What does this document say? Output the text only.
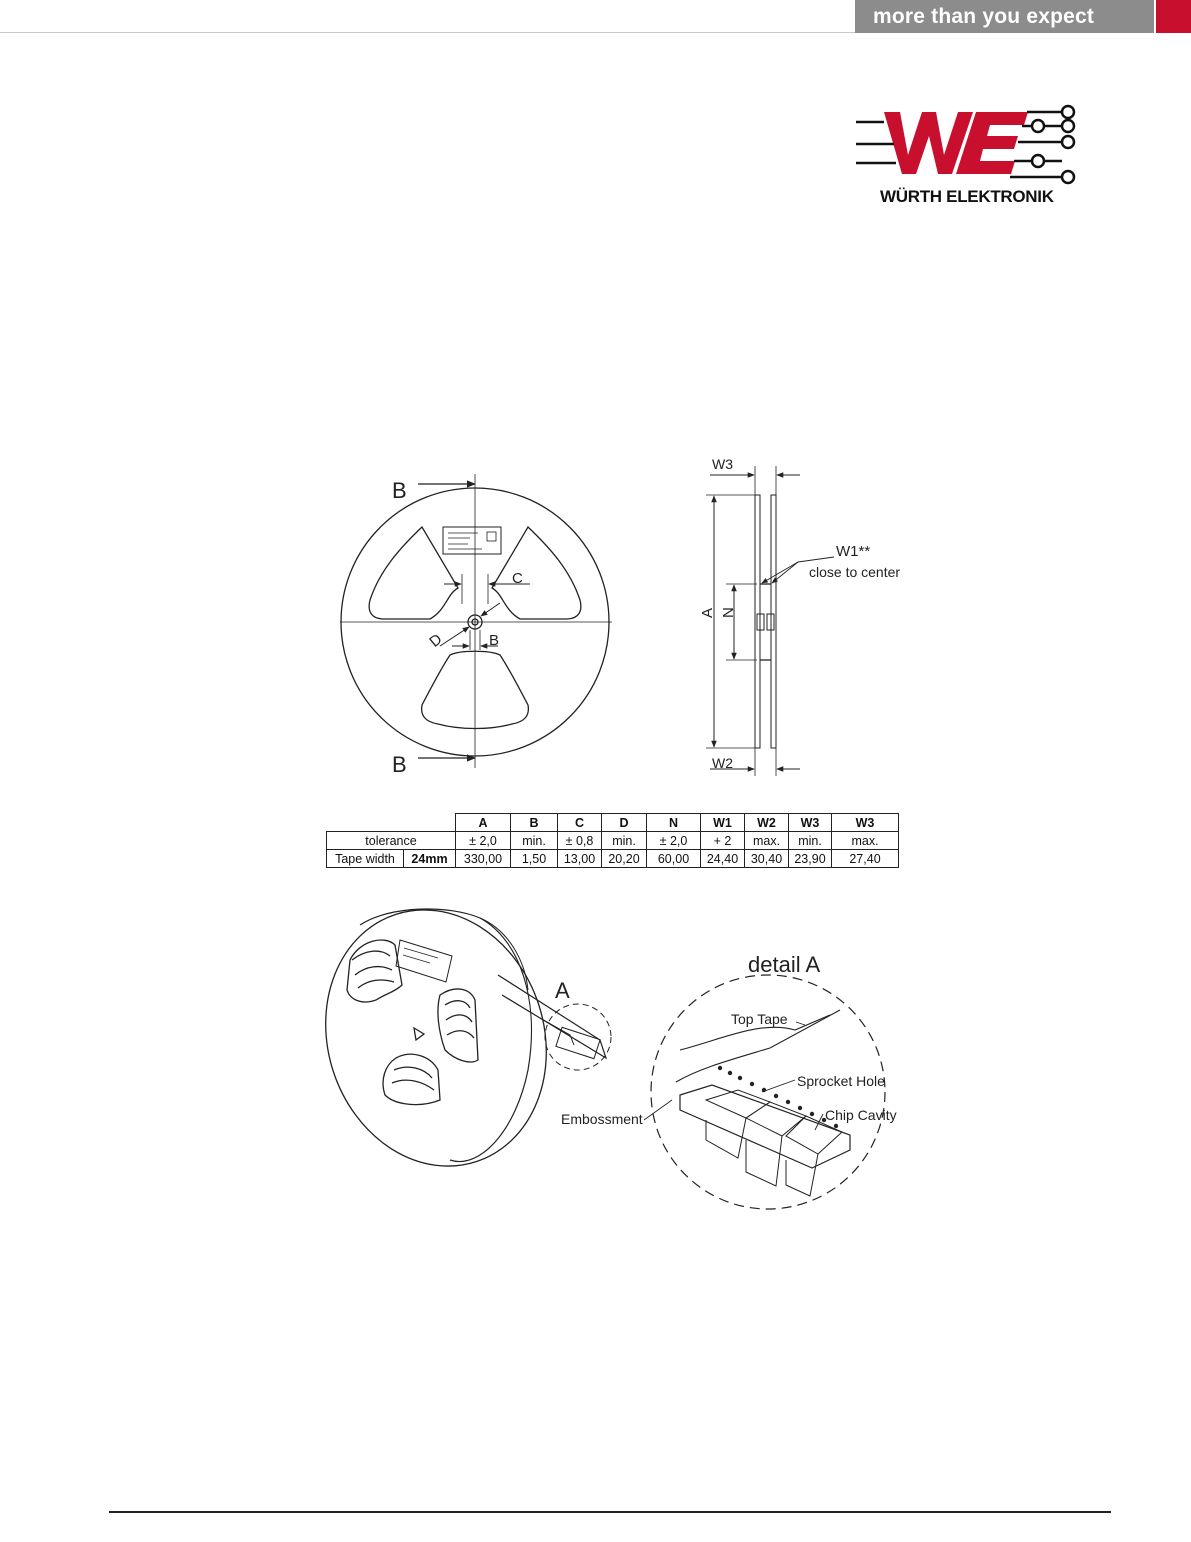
more than you expect
WÜRTH ELEKTRONIK
B
B
C
D	B
W3
W2
A N
W1**
close to center
A
detail A
Top Tape
Sprocket Hole
Chip Cavity
Embossment
		A	B	C	D	N	W1	W2	W3	W3
tolerance		± 2,0	min.	± 0,8	min.	± 2,0	+ 2	max.	min.	max.
Tape width	24mm	330,00	1,50	13,00	20,20	60,00	24,40	30,40	23,90	27,40
